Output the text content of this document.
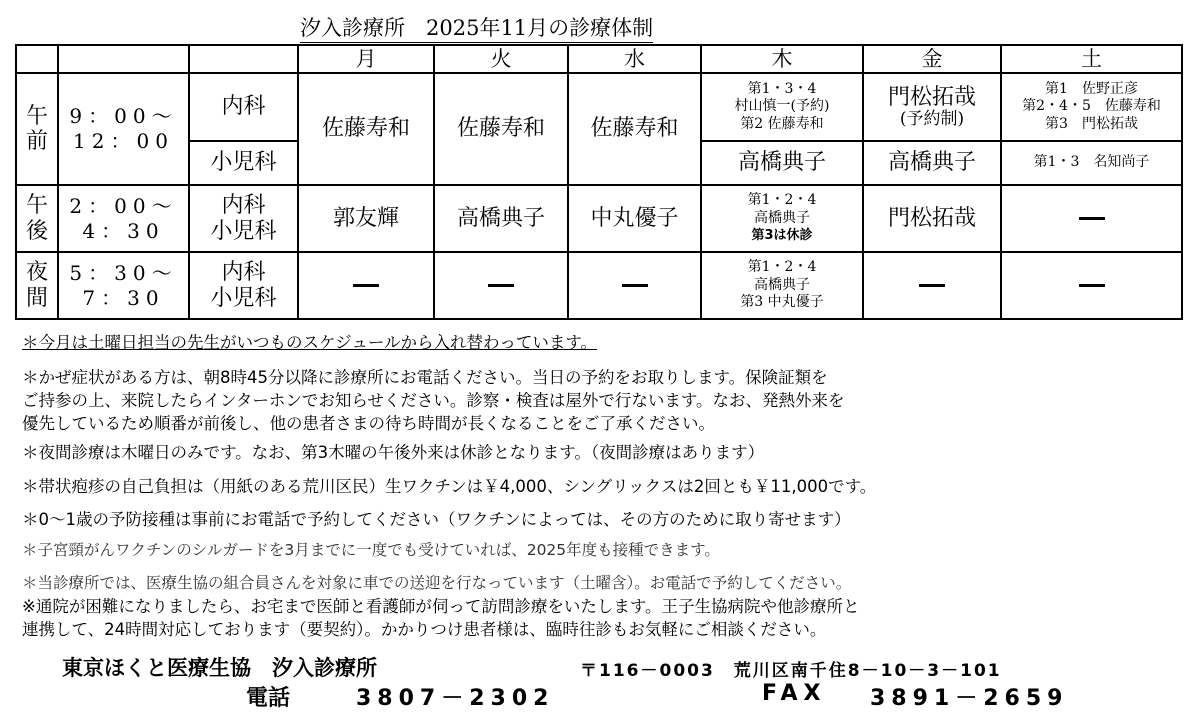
汐入診療所　2025年11月の診療体制
			月	火	水	木	金	土
午
前	9：00～
12：00	内科	佐藤寿和	佐藤寿和	佐藤寿和	第1・3・4
村山慎一(予約)
第2 佐藤寿和	門松拓哉
(予約制)	第1　佐野正彦
第2・4・5　佐藤寿和
第3　門松拓哉
小児科	高橋典子	高橋典子	第1・3　名知尚子
午
後	2：00～
4：30	内科
小児科	郭友輝	高橋典子	中丸優子	第1・2・4
高橋典子
第3は休診	門松拓哉	
夜
間	5：30～
7：30	内科
小児科				第1・2・4
高橋典子
第3 中丸優子		
＊今月は土曜日担当の先生がいつものスケジュールから入れ替わっています。
＊かぜ症状がある方は、朝8時45分以降に診療所にお電話ください。当日の予約をお取りします。保険証類を
ご持参の上、来院したらインターホンでお知らせください。診察・検査は屋外で行ないます。なお、発熱外来を
優先しているため順番が前後し、他の患者さまの待ち時間が長くなることをご了承ください。
＊夜間診療は木曜日のみです。なお、第3木曜の午後外来は休診となります。（夜間診療はあります）
＊帯状疱疹の自己負担は（用紙のある荒川区民）生ワクチンは￥4,000、シングリックスは2回とも￥11,000です。
＊0～1歳の予防接種は事前にお電話で予約してください（ワクチンによっては、その方のために取り寄せます）
＊子宮頸がんワクチンのシルガードを3月までに一度でも受けていれば、2025年度も接種できます。
＊当診療所では、医療生協の組合員さんを対象に車での送迎を行なっています（土曜含）。お電話で予約してください。
※通院が困難になりましたら、お宅まで医師と看護師が伺って訪問診療をいたします。王子生協病院や他診療所と
連携して、24時間対応しております（要契約）。かかりつけ患者様は、臨時往診もお気軽にご相談ください。
東京ほくと医療生協　汐入診療所	〒116－0003　荒川区南千住8－10－3－101
電話	3807－2302	FAX 3891－2659
